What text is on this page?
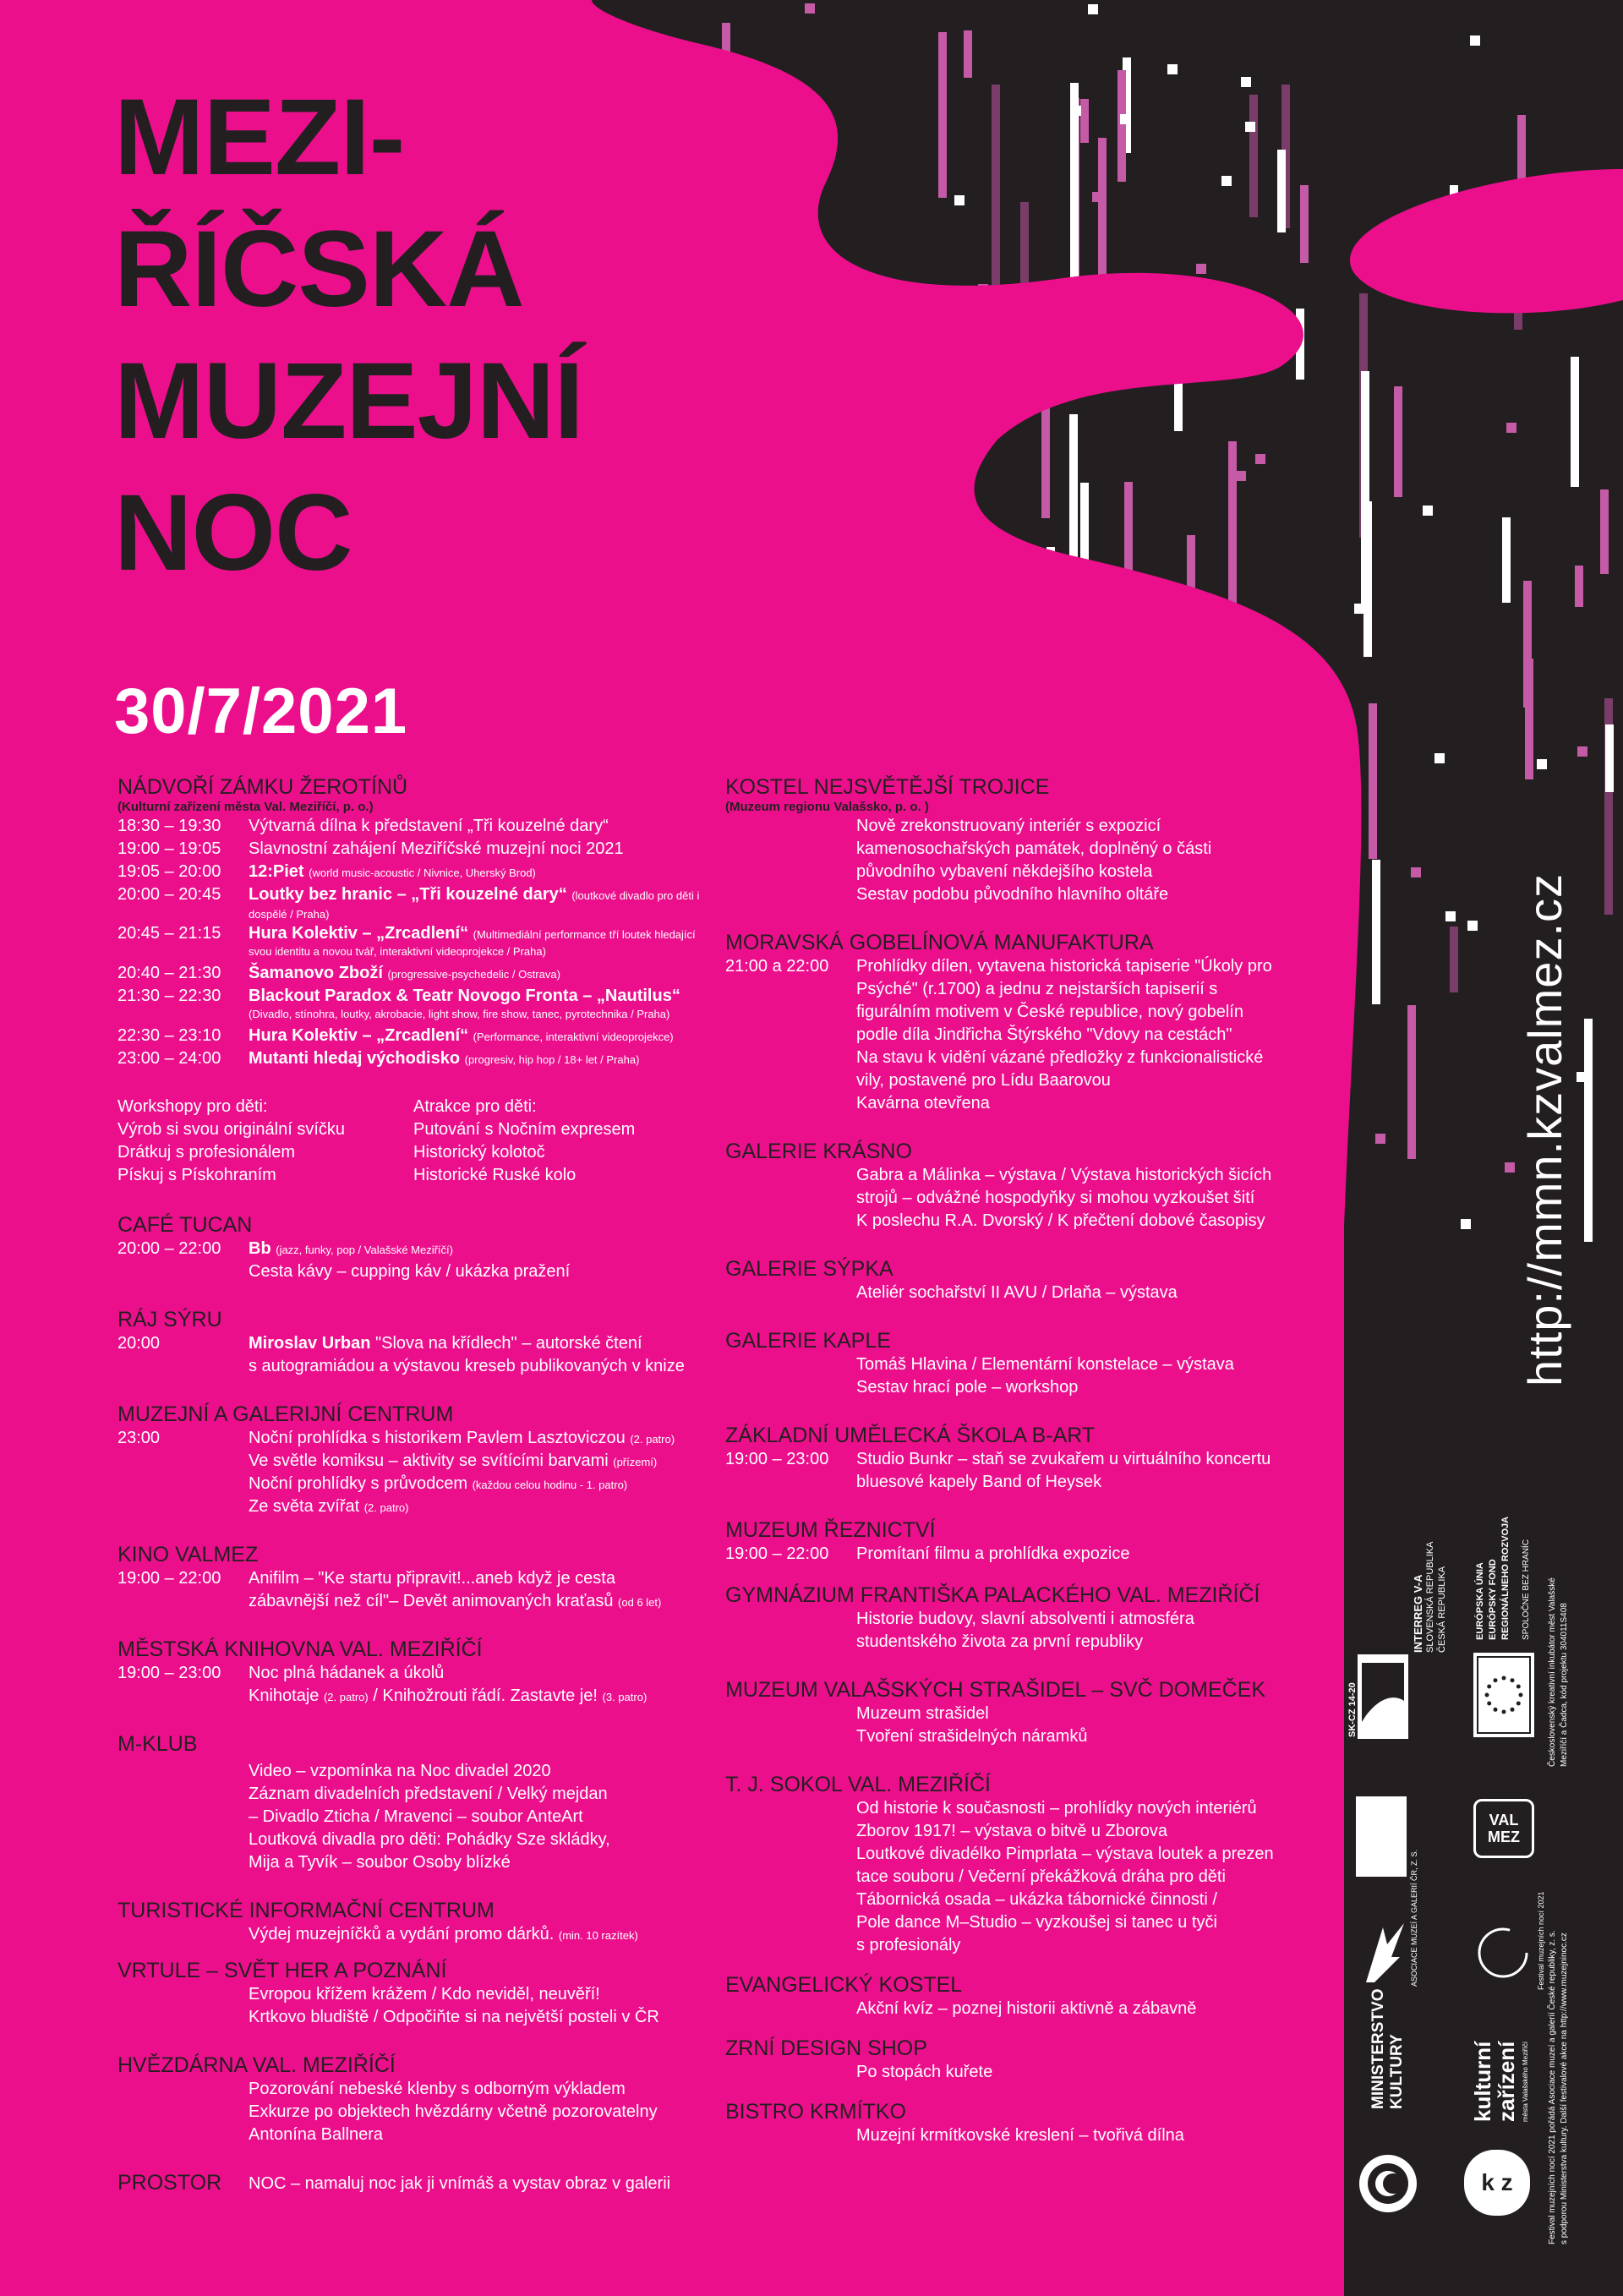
MEZI-
ŘÍČSKÁ
MUZEJNÍ
NOC
30/7/2021
NÁDVOŘÍ ZÁMKU ŽEROTÍNŮ
(Kulturní zařízení města Val. Meziříčí, p. o.)
18:30 – 19:30	Výtvarná dílna k představení „Tři kouzelné dary“
19:00 – 19:05	Slavnostní zahájení Meziříčské muzejní noci 2021
19:05 – 20:00	12:Piet (world music-acoustic / Nivnice, Uherský Brod)
20:00 – 20:45	Loutky bez hranic – „Tři kouzelné dary“ (loutkové divadlo pro děti i dospělé / Praha)
20:45 – 21:15	Hura Kolektiv – „Zrcadlení“ (Multimediální performance tří loutek hledající svou identitu a novou tvář, interaktivní videoprojekce / Praha)
20:40 – 21:30	Šamanovo Zboží (progressive-psychedelic / Ostrava)
21:30 – 22:30	Blackout Paradox & Teatr Novogo Fronta – „Nautilus“
(Divadlo, stínohra, loutky, akrobacie, light show, fire show, tanec, pyrotechnika / Praha)
22:30 – 23:10	Hura Kolektiv – „Zrcadlení“ (Performance, interaktivní videoprojekce)
23:00 – 24:00	Mutanti hledaj východisko (progresiv, hip hop / 18+ let / Praha)
Workshopy pro děti:
Výrob si svou originální svíčku
Drátkuj s profesionálem
Pískuj s Pískohraním
Atrakce pro děti:
Putování s Nočním expresem
Historický kolotoč
Historické Ruské kolo
CAFÉ TUCAN
20:00 – 22:00	Bb (jazz, funky, pop / Valašské Meziříčí)
Cesta kávy – cupping káv / ukázka pražení
RÁJ SÝRU
20:00	Miroslav Urban "Slova na křídlech" – autorské čtení
s autogramiádou a výstavou kreseb publikovaných v knize
MUZEJNÍ A GALERIJNÍ CENTRUM
23:00	Noční prohlídka s historikem Pavlem Lasztoviczou (2. patro)
Ve světle komiksu – aktivity se svítícími barvami (přízemí)
Noční prohlídky s průvodcem (každou celou hodinu - 1. patro)
Ze světa zvířat (2. patro)
KINO VALMEZ
19:00 – 22:00	Anifilm – "Ke startu připravit!...aneb když je cesta
zábavnější než cíl"– Devět animovaných kraťasů (od 6 let)
MĚSTSKÁ KNIHOVNA VAL. MEZIŘÍČÍ
19:00 – 23:00	Noc plná hádanek a úkolů
Knihotaje (2. patro) / Knihožrouti řádí. Zastavte je! (3. patro)
M-KLUB
Video – vzpomínka na Noc divadel 2020
Záznam divadelních představení / Velký mejdan
– Divadlo Zticha / Mravenci – soubor AnteArt
Loutková divadla pro děti: Pohádky Sze skládky,
Mija a Tyvík – soubor Osoby blízké
TURISTICKÉ INFORMAČNÍ CENTRUM
Výdej muzejníčků a vydání promo dárků. (min. 10 razítek)
VRTULE – SVĚT HER A POZNÁNÍ
Evropou křížem krážem / Kdo neviděl, neuvěří!
Krtkovo bludiště / Odpočiňte si na největší posteli v ČR
HVĚZDÁRNA VAL. MEZIŘÍČÍ
Pozorování nebeské klenby s odborným výkladem
Exkurze po objektech hvězdárny včetně pozorovatelny
Antonína Ballnera
PROSTOR	NOC – namaluj noc jak ji vnímáš a vystav obraz v galerii
KOSTEL NEJSVĚTĚJŠÍ TROJICE
(Muzeum regionu Valašsko, p. o. )
Nově zrekonstruovaný interiér s expozicí
kamenosochařských památek, doplněný o části
původního vybavení někdejšího kostela
Sestav podobu původního hlavního oltáře
MORAVSKÁ GOBELÍNOVÁ MANUFAKTURA
21:00 a 22:00	Prohlídky dílen, vytavena historická tapiserie "Úkoly pro
Psýché" (r.1700) a jednu z nejstarších tapiserií s
figurálním motivem v České republice, nový gobelín
podle díla Jindřicha Štýrského "Vdovy na cestách"
Na stavu k vidění vázané předložky z funkcionalistické
vily, postavené pro Lídu Baarovou
Kavárna otevřena
GALERIE KRÁSNO
Gabra a Málinka – výstava / Výstava historických šicích
strojů – odvážné hospodyňky si mohou vyzkoušet šití
K poslechu R.A. Dvorský / K přečtení dobové časopisy
GALERIE SÝPKA
Ateliér sochařství II AVU / Drlaňa – výstava
GALERIE KAPLE
Tomáš Hlavina / Elementární konstelace – výstava
Sestav hrací pole – workshop
ZÁKLADNÍ UMĚLECKÁ ŠKOLA B-ART
19:00 – 23:00	Studio Bunkr – staň se zvukařem u virtuálního koncertu
bluesové kapely Band of Heysek
MUZEUM ŘEZNICTVÍ
19:00 – 22:00	Promítaní filmu a prohlídka expozice
GYMNÁZIUM FRANTIŠKA PALACKÉHO VAL. MEZIŘÍČÍ
Historie budovy, slavní absolventi i atmosféra
studentského života za první republiky
MUZEUM VALAŠSKÝCH STRAŠIDEL – SVČ DOMEČEK
Muzeum strašidel
Tvoření strašidelných náramků
T. J. SOKOL VAL. MEZIŘÍČÍ
Od historie k současnosti – prohlídky nových interiérů
Zborov 1917! – výstava o bitvě u Zborova
Loutkové divadélko Pimprlata – výstava loutek a prezen
tace souboru / Večerní překážková dráha pro děti
Tábornická osada – ukázka tábornické činnosti /
Pole dance M–Studio – vyzkoušej si tanec u tyči
s profesionály
EVANGELICKÝ KOSTEL
Akční kvíz – poznej historii aktivně a zábavně
ZRNÍ DESIGN SHOP
Po stopách kuřete
BISTRO KRMÍTKO
Muzejní krmítkovské kreslení – tvořivá dílna
http://mmn.kzvalmez.cz
INTERREG V-A SLOVENSKÁ REPUBLIKA ČESKÁ REPUBLIKA
SK-CZ 14-20
EURÓPSKA ÚNIA EURÓPSKY FOND REGIONÁLNEHO ROZVOJA SPOLOČNE BEZ HRANÍC
VAL MEZ
ASOCIACE MUZEÍ A GALERIÍ ČR, Z. S.	Festival muzejních nocí 2021
MINISTERSTVO KULTURY	kulturní
zařízení města Valašského Meziříčí
k z
Československý kreativní inkubátor měst Valašské Meziříčí a Čadca, kód projektu 304011S408
Festival muzejních nocí 2021 pořádá Asociace muzeí a galerií České republiky, z. s. s podporou Ministerstva kultury. Další festivalové akce na http://www.muzejninoc.cz
